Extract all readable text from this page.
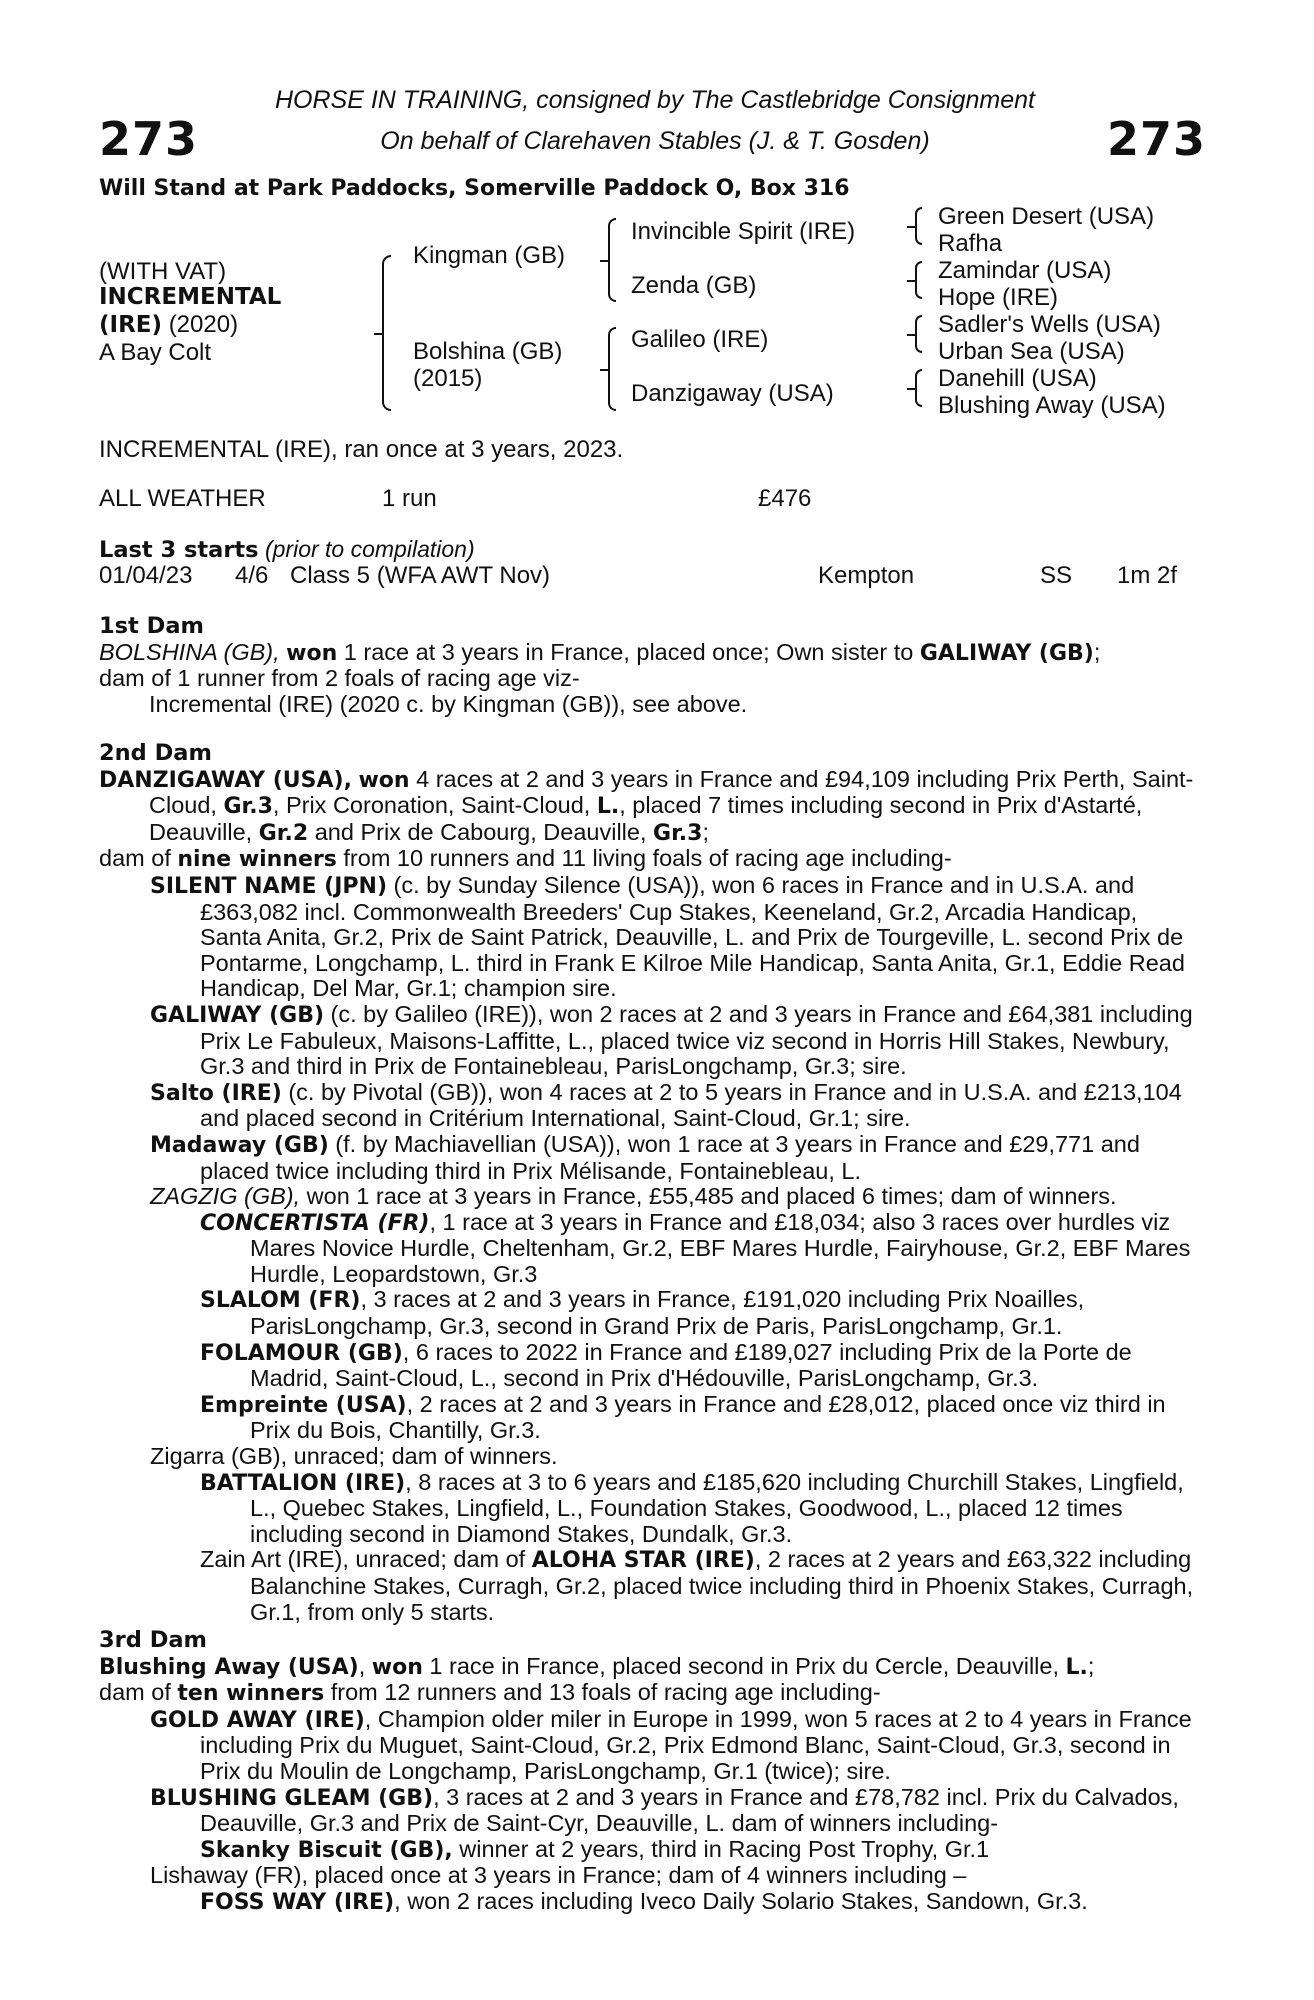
273	273
HORSE IN TRAINING, consigned by The Castlebridge Consignment
On behalf of Clarehaven Stables (J. & T. Gosden)
Will Stand at Park Paddocks, Somerville Paddock O, Box 316
(WITH VAT)
INCREMENTAL
(IRE) (2020)
A Bay Colt
Kingman (GB)
Bolshina (GB)
(2015)
Invincible Spirit (IRE)
Zenda (GB)
Galileo (IRE)
Danzigaway (USA)
Green Desert (USA)
Rafha
Zamindar (USA)
Hope (IRE)
Sadler's Wells (USA)
Urban Sea (USA)
Danehill (USA)
Blushing Away (USA)
INCREMENTAL (IRE), ran once at 3 years, 2023.
ALL WEATHER	1 run	£476
Last 3 starts (prior to compilation)
01/04/23 4/6 Class 5 (WFA AWT Nov)	Kempton	SS 1m 2f

1st Dam

BOLSHINA (GB), won 1 race at 3 years in France, placed once; Own sister to GALIWAY (GB);

dam of 1 runner from 2 foals of racing age viz-

Incremental (IRE) (2020 c. by Kingman (GB)), see above.

2nd Dam

DANZIGAWAY (USA), won 4 races at 2 and 3 years in France and £94,109 including Prix Perth, Saint-Cloud, Gr.3, Prix Coronation, Saint-Cloud, L., placed 7 times including second in Prix d'Astarté, Deauville, Gr.2 and Prix de Cabourg, Deauville, Gr.3;

dam of nine winners from 10 runners and 11 living foals of racing age including-

SILENT NAME (JPN) (c. by Sunday Silence (USA)), won 6 races in France and in U.S.A. and £363,082 incl. Commonwealth Breeders' Cup Stakes, Keeneland, Gr.2, Arcadia Handicap, Santa Anita, Gr.2, Prix de Saint Patrick, Deauville, L. and Prix de Tourgeville, L. second Prix de Pontarme, Longchamp, L. third in Frank E Kilroe Mile Handicap, Santa Anita, Gr.1, Eddie Read Handicap, Del Mar, Gr.1; champion sire.

GALIWAY (GB) (c. by Galileo (IRE)), won 2 races at 2 and 3 years in France and £64,381 including Prix Le Fabuleux, Maisons-Laffitte, L., placed twice viz second in Horris Hill Stakes, Newbury, Gr.3 and third in Prix de Fontainebleau, ParisLongchamp, Gr.3; sire.

Salto (IRE) (c. by Pivotal (GB)), won 4 races at 2 to 5 years in France and in U.S.A. and £213,104 and placed second in Critérium International, Saint-Cloud, Gr.1; sire.

Madaway (GB) (f. by Machiavellian (USA)), won 1 race at 3 years in France and £29,771 and placed twice including third in Prix Mélisande, Fontainebleau, L.

ZAGZIG (GB), won 1 race at 3 years in France, £55,485 and placed 6 times; dam of winners.

CONCERTISTA (FR), 1 race at 3 years in France and £18,034; also 3 races over hurdles viz Mares Novice Hurdle, Cheltenham, Gr.2, EBF Mares Hurdle, Fairyhouse, Gr.2, EBF Mares Hurdle, Leopardstown, Gr.3

SLALOM (FR), 3 races at 2 and 3 years in France, £191,020 including Prix Noailles, ParisLongchamp, Gr.3, second in Grand Prix de Paris, ParisLongchamp, Gr.1.

FOLAMOUR (GB), 6 races to 2022 in France and £189,027 including Prix de la Porte de Madrid, Saint-Cloud, L., second in Prix d'Hédouville, ParisLongchamp, Gr.3.

Empreinte (USA), 2 races at 2 and 3 years in France and £28,012, placed once viz third in Prix du Bois, Chantilly, Gr.3.

Zigarra (GB), unraced; dam of winners.

BATTALION (IRE), 8 races at 3 to 6 years and £185,620 including Churchill Stakes, Lingfield, L., Quebec Stakes, Lingfield, L., Foundation Stakes, Goodwood, L., placed 12 times including second in Diamond Stakes, Dundalk, Gr.3.

Zain Art (IRE), unraced; dam of ALOHA STAR (IRE), 2 races at 2 years and £63,322 including Balanchine Stakes, Curragh, Gr.2, placed twice including third in Phoenix Stakes, Curragh, Gr.1, from only 5 starts.

3rd Dam

Blushing Away (USA), won 1 race in France, placed second in Prix du Cercle, Deauville, L.;

dam of ten winners from 12 runners and 13 foals of racing age including-

GOLD AWAY (IRE), Champion older miler in Europe in 1999, won 5 races at 2 to 4 years in France including Prix du Muguet, Saint-Cloud, Gr.2, Prix Edmond Blanc, Saint-Cloud, Gr.3, second in Prix du Moulin de Longchamp, ParisLongchamp, Gr.1 (twice); sire.

BLUSHING GLEAM (GB), 3 races at 2 and 3 years in France and £78,782 incl. Prix du Calvados, Deauville, Gr.3 and Prix de Saint-Cyr, Deauville, L. dam of winners including-

Skanky Biscuit (GB), winner at 2 years, third in Racing Post Trophy, Gr.1

Lishaway (FR), placed once at 3 years in France; dam of 4 winners including –

FOSS WAY (IRE), won 2 races including Iveco Daily Solario Stakes, Sandown, Gr.3.
